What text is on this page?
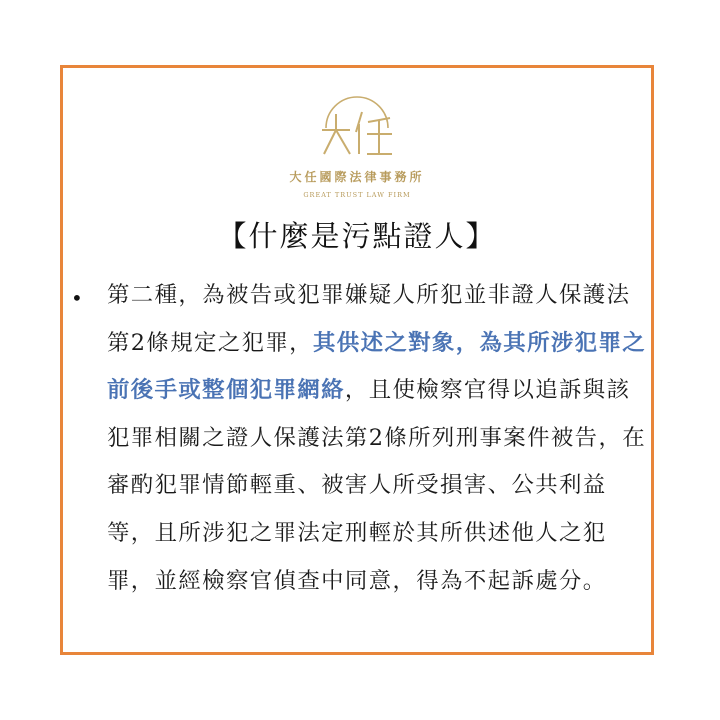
大任國際法律事務所
GREAT TRUST LAW FIRM
【什麼是污點證人】
• 第二種，為被告或犯罪嫌疑人所犯並非證人保護法第2條規定之犯罪，其供述之對象，為其所涉犯罪之前後手或整個犯罪網絡，且使檢察官得以追訴與該犯罪相關之證人保護法第2條所列刑事案件被告，在審酌犯罪情節輕重、被害人所受損害、公共利益等，且所涉犯之罪法定刑輕於其所供述他人之犯罪，並經檢察官偵查中同意，得為不起訴處分。
